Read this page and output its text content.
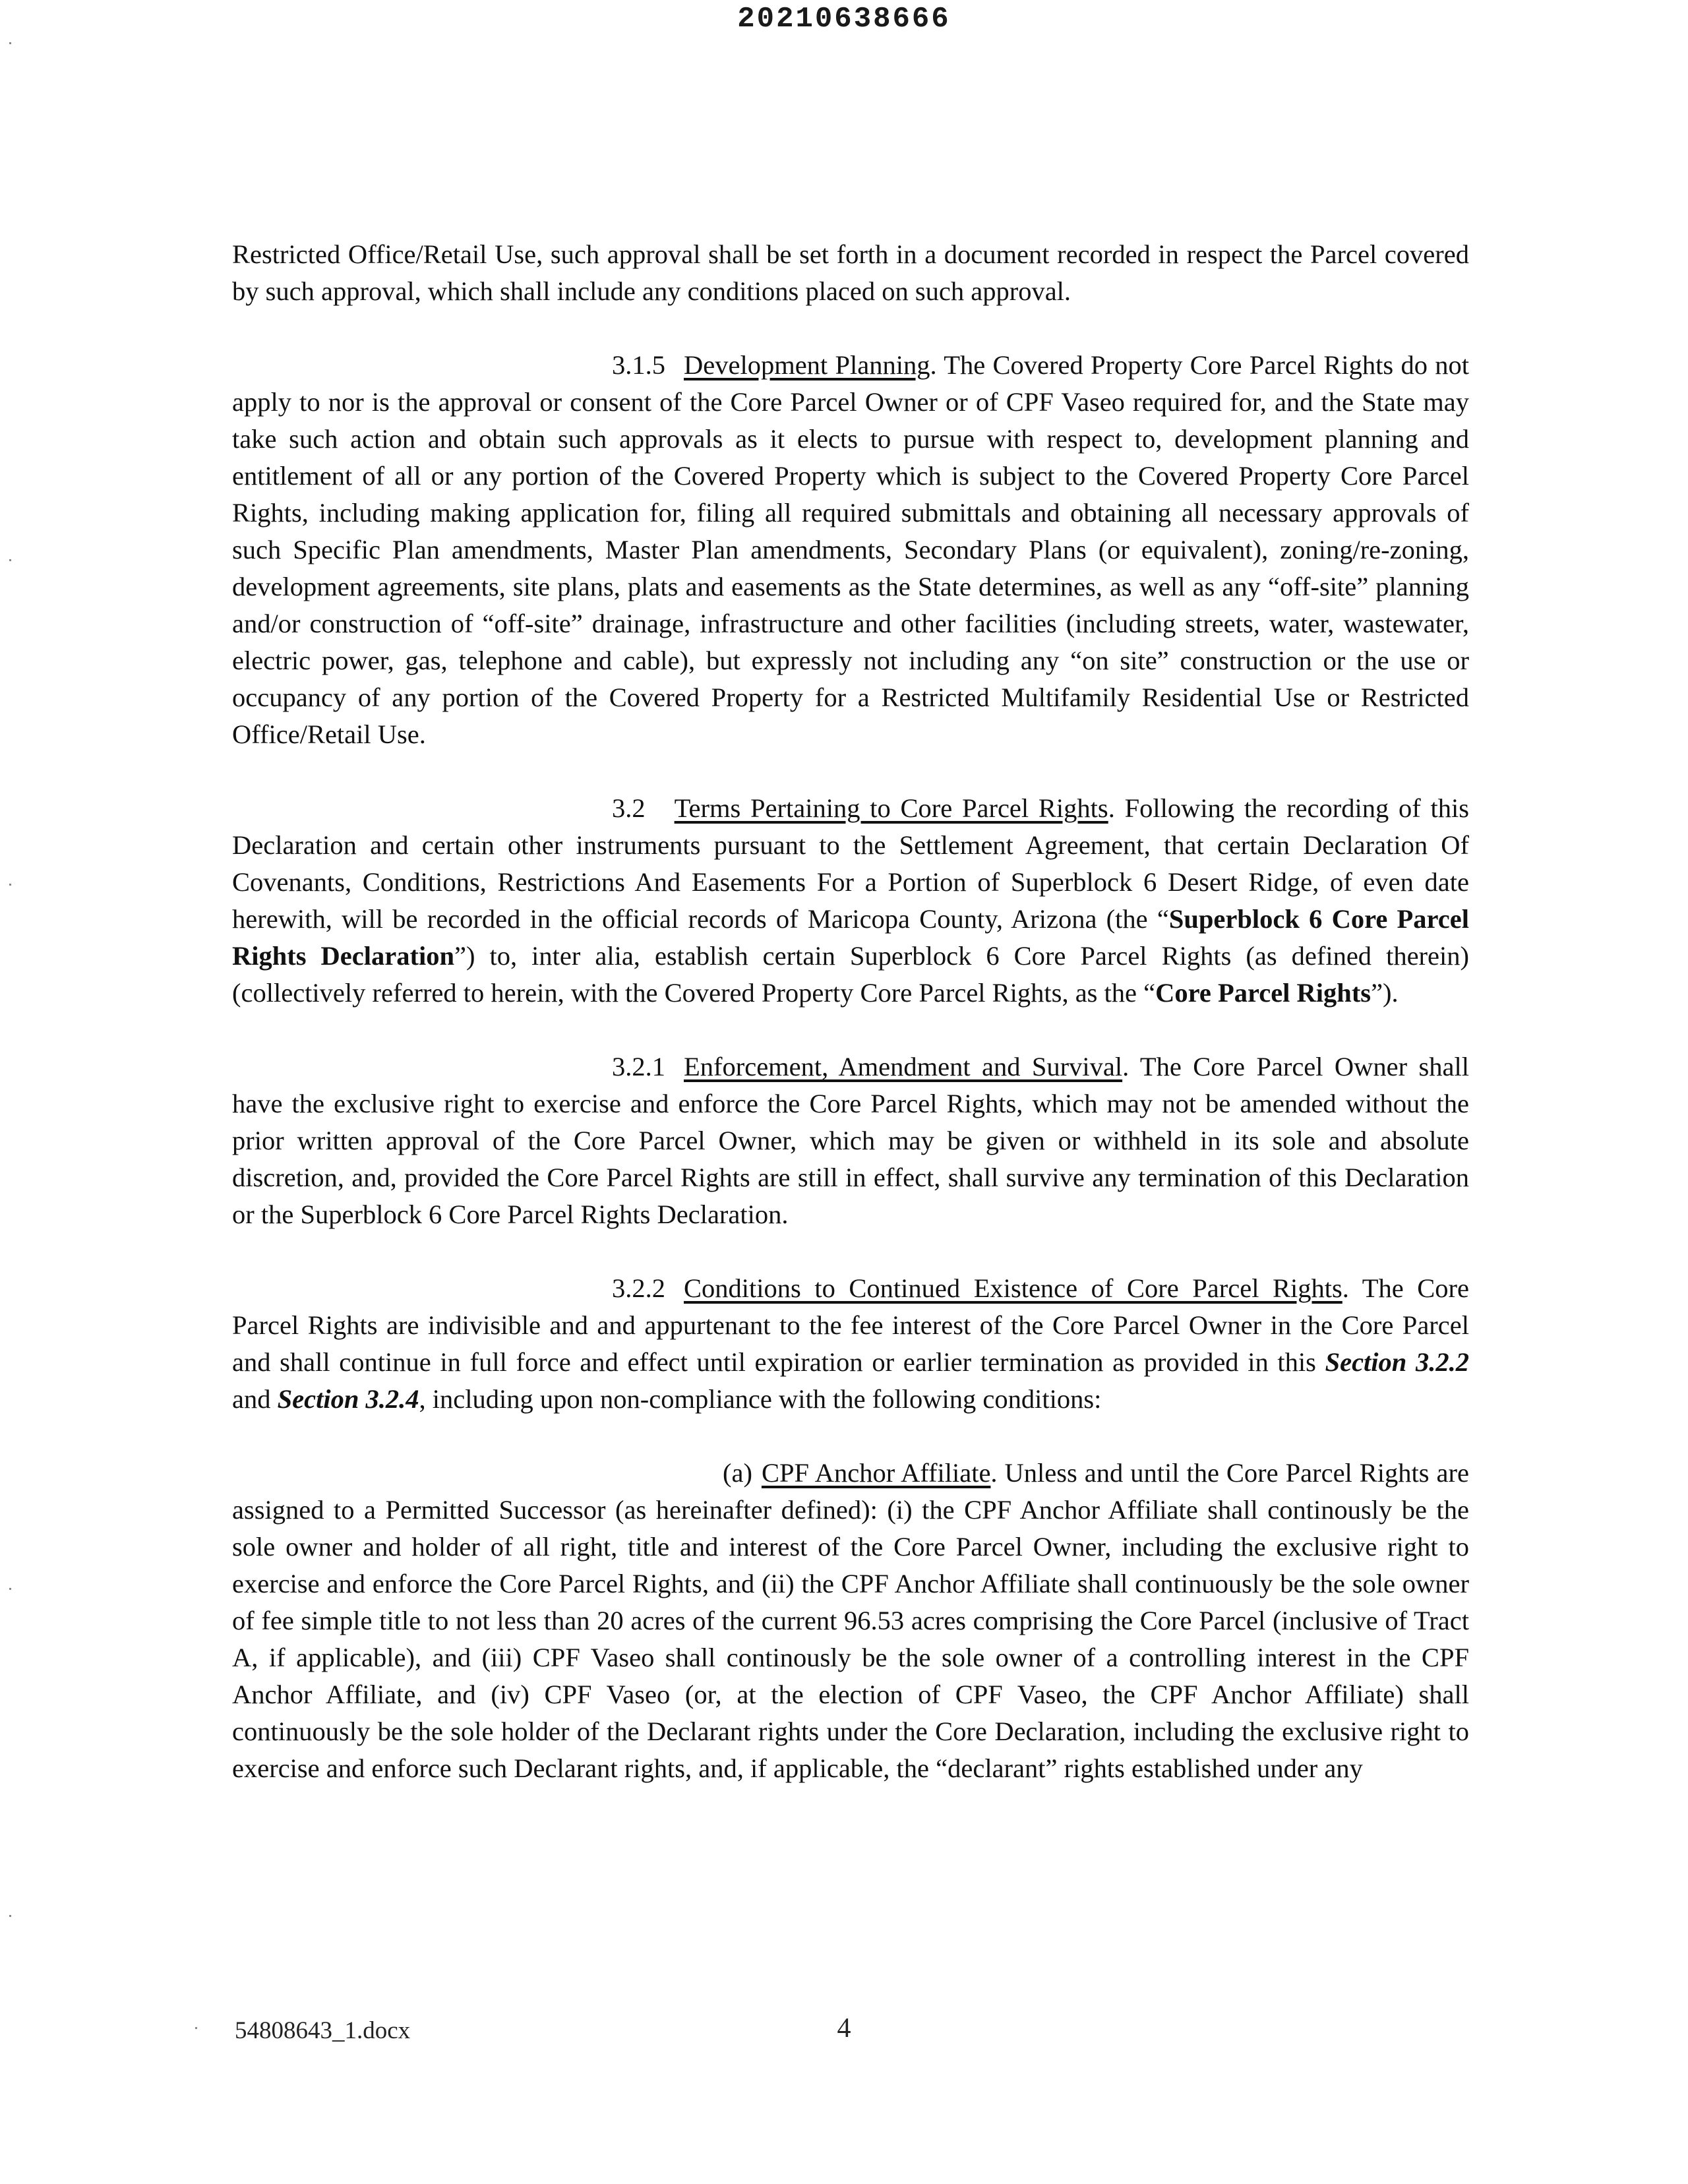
20210638666

Restricted Office/Retail Use, such approval shall be set forth in a document recorded in respect the Parcel covered by such approval, which shall include any conditions placed on such approval.

3.1.5 Development Planning. The Covered Property Core Parcel Rights do not apply to nor is the approval or consent of the Core Parcel Owner or of CPF Vaseo required for, and the State may take such action and obtain such approvals as it elects to pursue with respect to, development planning and entitlement of all or any portion of the Covered Property which is subject to the Covered Property Core Parcel Rights, including making application for, filing all required submittals and obtaining all necessary approvals of such Specific Plan amendments, Master Plan amendments, Secondary Plans (or equivalent), zoning/re-zoning, development agreements, site plans, plats and easements as the State determines, as well as any “off-site” planning and/or construction of “off-site” drainage, infrastructure and other facilities (including streets, water, wastewater, electric power, gas, telephone and cable), but expressly not including any “on site” construction or the use or occupancy of any portion of the Covered Property for a Restricted Multifamily Residential Use or Restricted Office/Retail Use.

3.2 Terms Pertaining to Core Parcel Rights. Following the recording of this Declaration and certain other instruments pursuant to the Settlement Agreement, that certain Declaration Of Covenants, Conditions, Restrictions And Easements For a Portion of Superblock 6 Desert Ridge, of even date herewith, will be recorded in the official records of Maricopa County, Arizona (the “Superblock 6 Core Parcel Rights Declaration”) to, inter alia, establish certain Superblock 6 Core Parcel Rights (as defined therein) (collectively referred to herein, with the Covered Property Core Parcel Rights, as the “Core Parcel Rights”).

3.2.1 Enforcement, Amendment and Survival. The Core Parcel Owner shall have the exclusive right to exercise and enforce the Core Parcel Rights, which may not be amended without the prior written approval of the Core Parcel Owner, which may be given or withheld in its sole and absolute discretion, and, provided the Core Parcel Rights are still in effect, shall survive any termination of this Declaration or the Superblock 6 Core Parcel Rights Declaration.

3.2.2 Conditions to Continued Existence of Core Parcel Rights. The Core Parcel Rights are indivisible and and appurtenant to the fee interest of the Core Parcel Owner in the Core Parcel and shall continue in full force and effect until expiration or earlier termination as provided in this Section 3.2.2 and Section 3.2.4, including upon non-compliance with the following conditions:

(a) CPF Anchor Affiliate. Unless and until the Core Parcel Rights are assigned to a Permitted Successor (as hereinafter defined): (i) the CPF Anchor Affiliate shall continously be the sole owner and holder of all right, title and interest of the Core Parcel Owner, including the exclusive right to exercise and enforce the Core Parcel Rights, and (ii) the CPF Anchor Affiliate shall continuously be the sole owner of fee simple title to not less than 20 acres of the current 96.53 acres comprising the Core Parcel (inclusive of Tract A, if applicable), and (iii) CPF Vaseo shall continously be the sole owner of a controlling interest in the CPF Anchor Affiliate, and (iv) CPF Vaseo (or, at the election of CPF Vaseo, the CPF Anchor Affiliate) shall continuously be the sole holder of the Declarant rights under the Core Declaration, including the exclusive right to exercise and enforce such Declarant rights, and, if applicable, the “declarant” rights established under any

54808643_1.docx	4
